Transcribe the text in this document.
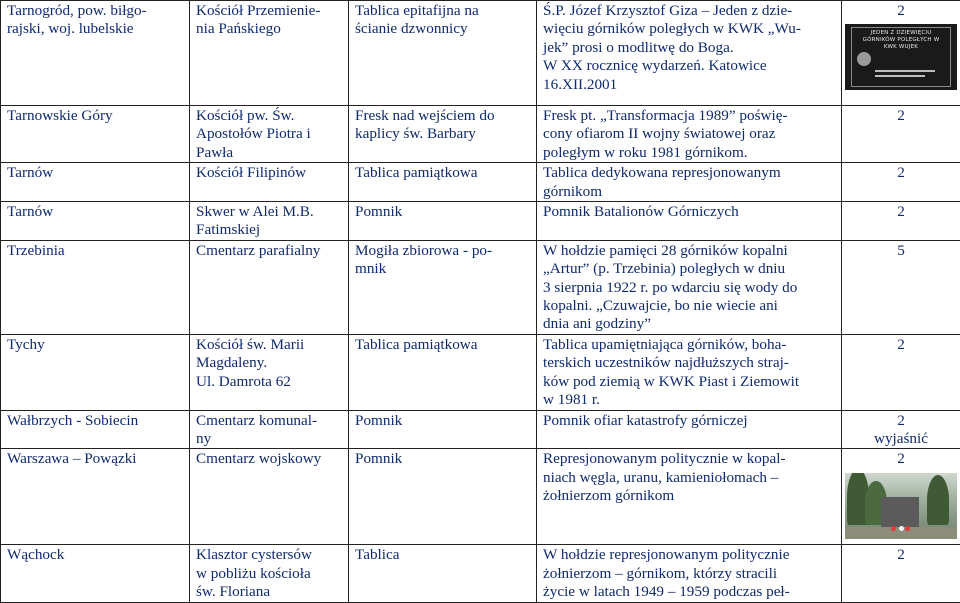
Tarnogród, pow. biłgo-
rajski, woj. lubelskie	Kościół Przemienie-
nia Pańskiego	Tablica epitafijna na
ścianie dzwonnicy	Ś.P. Józef Krzysztof Giza – Jeden z dzie-
więciu górników poległych w KWK „Wu-
jek” prosi o modlitwę do Boga.
W XX rocznicę wydarzeń. Katowice
16.XII.2001	2
JEDEN Z DZIEWIĘCIU GÓRNIKÓW POLEGŁYCH W KWK WUJEK

Tarnowskie Góry	Kościół pw. Św.
Apostołów Piotra i
Pawła	Fresk nad wejściem do
kaplicy św. Barbary	Fresk pt. „Transformacja 1989” poświę-
cony ofiarom II wojny światowej oraz
poległym w roku 1981 górnikom.	2

Tarnów	Kościół Filipinów	Tablica pamiątkowa	Tablica dedykowana represjonowanym
górnikom	2

Tarnów	Skwer w Alei M.B.
Fatimskiej	Pomnik	Pomnik Batalionów Górniczych	2

Trzebinia	Cmentarz parafialny	Mogiła zbiorowa - po-
mnik	W hołdzie pamięci 28 górników kopalni
„Artur” (p. Trzebinia) poległych w dniu
3 sierpnia 1922 r. po wdarciu się wody do
kopalni. „Czuwajcie, bo nie wiecie ani
dnia ani godziny”	5

Tychy	Kościół św. Marii
Magdaleny.
Ul. Damrota 62	Tablica pamiątkowa	Tablica upamiętniająca górników, boha-
terskich uczestników najdłuższych straj-
ków pod ziemią w KWK Piast i Ziemowit
w 1981 r.	2

Wałbrzych - Sobiecin	Cmentarz komunal-
ny	Pomnik	Pomnik ofiar katastrofy górniczej	2
wyjaśnić

Warszawa – Powązki	Cmentarz wojskowy	Pomnik	Represjonowanym politycznie w kopal-
niach węgla, uranu, kamieniołomach –
żołnierzom górnikom	2

Wąchock	Klasztor cystersów
w pobliżu kościoła
św. Floriana	Tablica	W hołdzie represjonowanym politycznie
żołnierzom – górnikom, którzy stracili
życie w latach 1949 – 1959 podczas peł-	2
